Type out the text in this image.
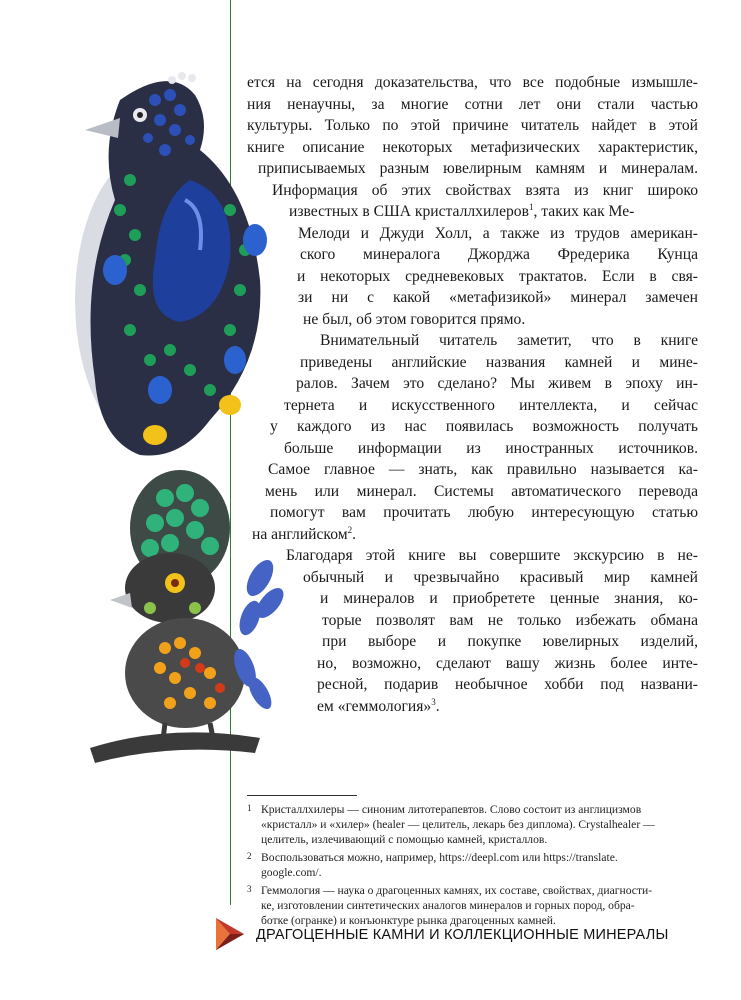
ется на сегодня доказательства, что все подобные измышле-
ния ненаучны, за многие сотни лет они стали частью
культуры. Только по этой причине читатель найдет в этой
книге описание некоторых метафизических характеристик,
приписываемых разным ювелирным камням и минералам.
Информация об этих свойствах взята из книг широко
известных в США кристаллхилеров$^1$, таких как Ме-
Мелоди и Джуди Холл, а также из трудов американ-
ского минералога Джорджа Фредерика Кунца
и некоторых средневековых трактатов. Если в свя-
зи ни с какой «метафизикой» минерал замечен
не был, об этом говорится прямо.
Внимательный читатель заметит, что в книге
приведены английские названия камней и мине-
ралов. Зачем это сделано? Мы живем в эпоху ин-
тернета и искусственного интеллекта, и сейчас
у каждого из нас появилась возможность получать
больше информации из иностранных источников.
Самое главное — знать, как правильно называется ка-
мень или минерал. Системы автоматического перевода
помогут вам прочитать любую интересующую статью
на английском$^2$.
Благодаря этой книге вы совершите экскурсию в не-
обычный и чрезвычайно красивый мир камней
и минералов и приобретете ценные знания, ко-
торые позволят вам не только избежать обмана
при выборе и покупке ювелирных изделий,
но, возможно, сделают вашу жизнь более инте-
ресной, подарив необычное хобби под названи-
ем «геммология»$^3$.
1 Кристаллхилеры — синоним литотерапевтов. Слово состоит из англицизмов
«кристалл» и «хилер» (healer — целитель, лекарь без диплома). Crystalhealer —
целитель, излечивающий с помощью камней, кристаллов.
2 Воспользоваться можно, например, https://deepl.com или https://translate.
google.com/.
3 Геммология — наука о драгоценных камнях, их составе, свойствах, диагности-
ке, изготовлении синтетических аналогов минералов и горных пород, обра-
ботке (огранке) и конъюнктуре рынка драгоценных камней.
ДРАГОЦЕННЫЕ КАМНИ И КОЛЛЕКЦИОННЫЕ МИНЕРАЛЫ
